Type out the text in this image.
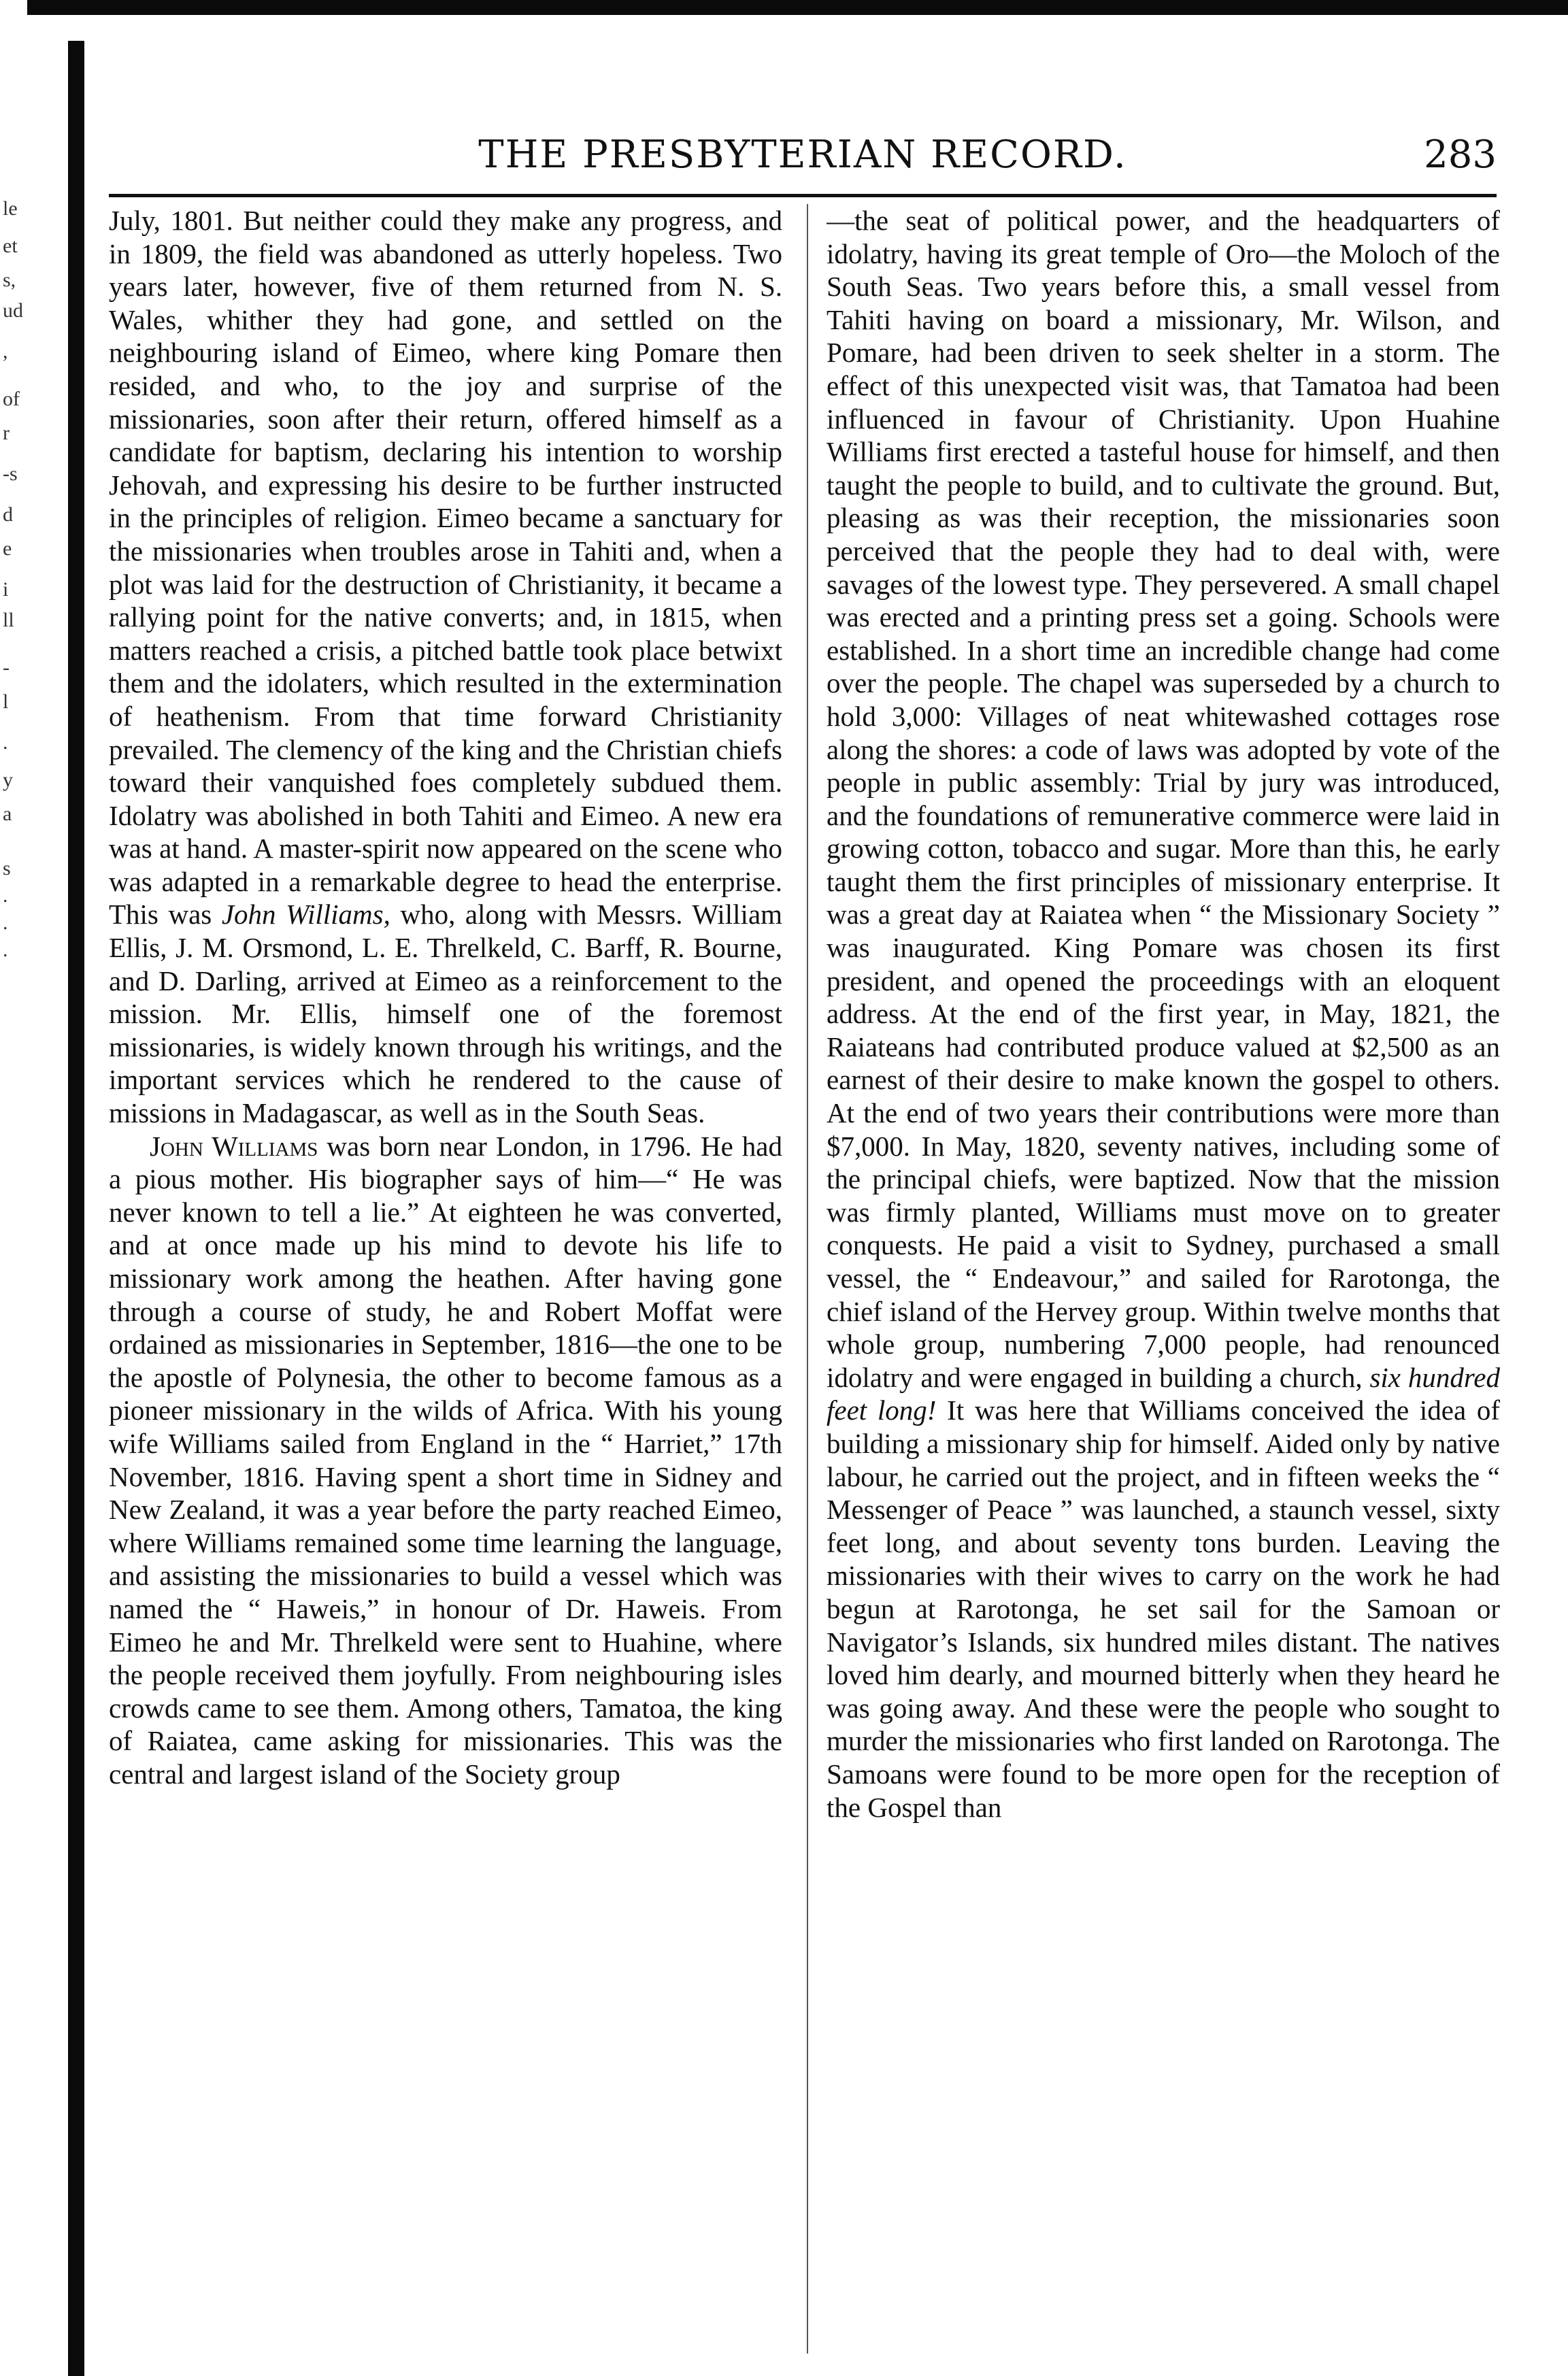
le
et
s,
ud
,
of
r
-s
d
e
i
ll
-
l
.
y
a
s
.
.
.
THE PRESBYTERIAN RECORD.	283

July, 1801. But neither could they make any progress, and in 1809, the field was abandoned as utterly hopeless. Two years later, however, five of them returned from N. S. Wales, whither they had gone, and settled on the neighbouring island of Eimeo, where king Pomare then resided, and who, to the joy and surprise of the missionaries, soon after their return, offered himself as a candidate for baptism, declaring his intention to worship Jehovah, and expressing his desire to be further instructed in the principles of religion. Eimeo became a sanctuary for the missionaries when troubles arose in Tahiti and, when a plot was laid for the destruction of Christianity, it became a rallying point for the native converts; and, in 1815, when matters reached a crisis, a pitched battle took place betwixt them and the idolaters, which resulted in the extermination of heathenism. From that time forward Christianity prevailed. The clemency of the king and the Christian chiefs toward their vanquished foes completely subdued them. Idolatry was abolished in both Tahiti and Eimeo. A new era was at hand. A master-spirit now appeared on the scene who was adapted in a remarkable degree to head the enterprise. This was John Williams, who, along with Messrs. William Ellis, J. M. Orsmond, L. E. Threlkeld, C. Barff, R. Bourne, and D. Darling, arrived at Eimeo as a reinforcement to the mission. Mr. Ellis, himself one of the foremost missionaries, is widely known through his writings, and the important services which he rendered to the cause of missions in Madagascar, as well as in the South Seas.

John Williams was born near London, in 1796. He had a pious mother. His biographer says of him—“ He was never known to tell a lie.” At eighteen he was converted, and at once made up his mind to devote his life to missionary work among the heathen. After having gone through a course of study, he and Robert Moffat were ordained as missionaries in September, 1816—the one to be the apostle of Polynesia, the other to become famous as a pioneer missionary in the wilds of Africa. With his young wife Williams sailed from England in the “ Harriet,” 17th November, 1816. Having spent a short time in Sidney and New Zealand, it was a year before the party reached Eimeo, where Williams remained some time learning the language, and assisting the missionaries to build a vessel which was named the “ Haweis,” in honour of Dr. Haweis. From Eimeo he and Mr. Threlkeld were sent to Huahine, where the people received them joyfully. From neighbouring isles crowds came to see them. Among others, Tamatoa, the king of Raiatea, came asking for missionaries. This was the central and largest island of the Society group

—the seat of political power, and the headquarters of idolatry, having its great temple of Oro—the Moloch of the South Seas. Two years before this, a small vessel from Tahiti having on board a missionary, Mr. Wilson, and Pomare, had been driven to seek shelter in a storm. The effect of this unexpected visit was, that Tamatoa had been influenced in favour of Christianity. Upon Huahine Williams first erected a tasteful house for himself, and then taught the people to build, and to cultivate the ground. But, pleasing as was their reception, the missionaries soon perceived that the people they had to deal with, were savages of the lowest type. They persevered. A small chapel was erected and a printing press set a going. Schools were established. In a short time an incredible change had come over the people. The chapel was superseded by a church to hold 3,000: Villages of neat whitewashed cottages rose along the shores: a code of laws was adopted by vote of the people in public assembly: Trial by jury was introduced, and the foundations of remunerative commerce were laid in growing cotton, tobacco and sugar. More than this, he early taught them the first principles of missionary enterprise. It was a great day at Raiatea when “ the Missionary Society ” was inaugurated. King Pomare was chosen its first president, and opened the proceedings with an eloquent address. At the end of the first year, in May, 1821, the Raiateans had contributed produce valued at $2,500 as an earnest of their desire to make known the gospel to others. At the end of two years their contributions were more than $7,000. In May, 1820, seventy natives, including some of the principal chiefs, were baptized. Now that the mission was firmly planted, Williams must move on to greater conquests. He paid a visit to Sydney, purchased a small vessel, the “ Endeavour,” and sailed for Rarotonga, the chief island of the Hervey group. Within twelve months that whole group, numbering 7,000 people, had renounced idolatry and were engaged in building a church, six hundred feet long! It was here that Williams conceived the idea of building a missionary ship for himself. Aided only by native labour, he carried out the project, and in fifteen weeks the “ Messenger of Peace ” was launched, a staunch vessel, sixty feet long, and about seventy tons burden. Leaving the missionaries with their wives to carry on the work he had begun at Rarotonga, he set sail for the Samoan or Navigator’s Islands, six hundred miles distant. The natives loved him dearly, and mourned bitterly when they heard he was going away. And these were the people who sought to murder the missionaries who first landed on Rarotonga. The Samoans were found to be more open for the reception of the Gospel than
